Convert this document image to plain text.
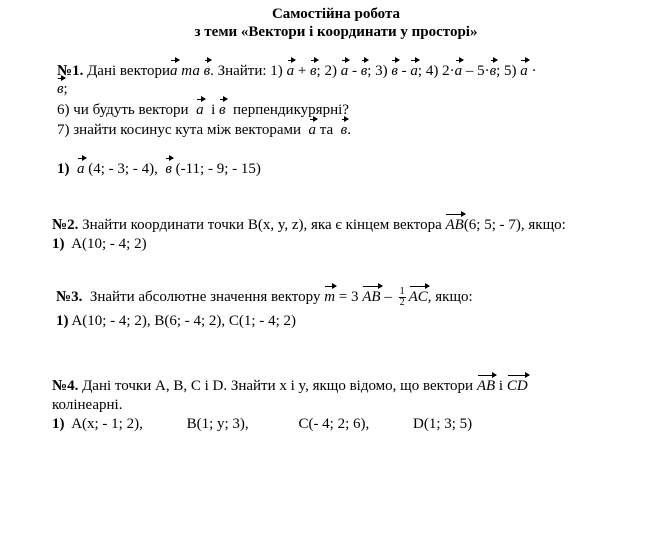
Самостійна робота
з теми «Вектори і координати у просторі»
№1. Дані векториa та в. Знайти: 1) a + в; 2) a - в; 3) в - a; 4) 2·a – 5·в; 5) a ·
в;
6) чи будуть вектори a і в перпендикурярні?
7) знайти косинус кута між векторами a та в.
1) a (4; - 3; - 4), в (-11; - 9; - 15)
№2. Знайти координати точки B(x, y, z), яка є кінцем вектора AB(6; 5; - 7), якщо:
1) A(10; - 4; 2)
№3. Знайти абсолютне значення вектору m = 3 AB – $\frac{1}{2}$ AC, якщо:
1) A(10; - 4; 2), B(6; - 4; 2), C(1; - 4; 2)
№4. Дані точки A, B, C і D. Знайти x і y, якщо відомо, що вектори AB і CD
колінеарні.
1) A(x; - 1; 2),	B(1; y; 3),	C(- 4; 2; 6),	D(1; 3; 5)
